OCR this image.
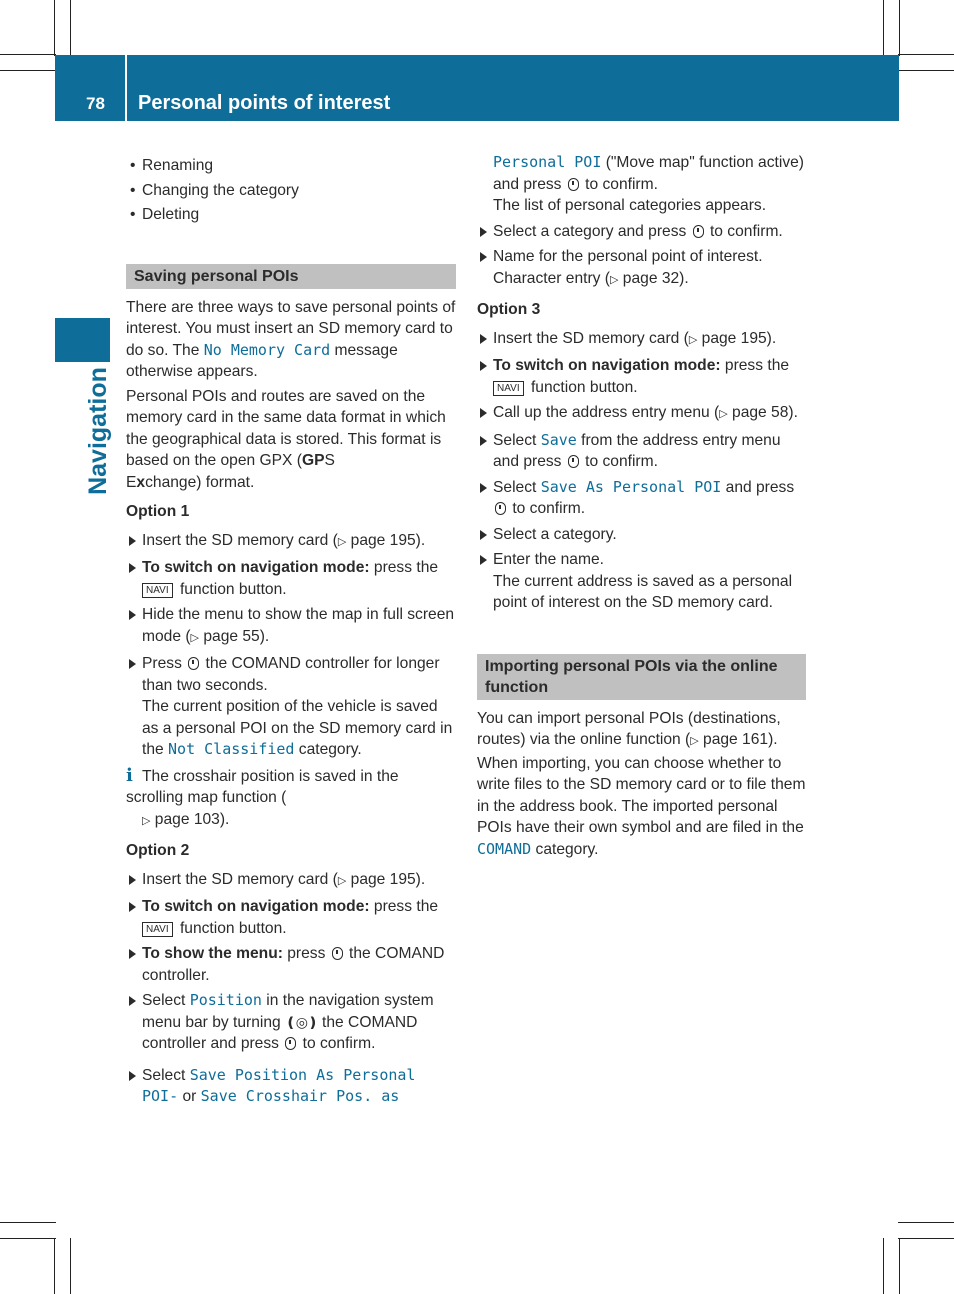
78 Personal points of interest
Navigation

• Renaming

• Changing the category

• Deleting

Saving personal POIs

There are three ways to save personal points of interest. You must insert an SD memory card to do so. The No Memory Card message otherwise appears.

Personal POIs and routes are saved on the memory card in the same data format in which the geographical data is stored. This format is based on the open GPX (GPS
Exchange) format.

Option 1

Insert the SD memory card (▷ page 195).

To switch on navigation mode: press the
NAVI function button.

Hide the menu to show the map in full screen mode (▷ page 55).

Press  the COMAND controller for longer than two seconds.

The current position of the vehicle is saved as a personal POI on the SD memory card in the Not Classified category.

i The crosshair position is saved in the scrolling map function (
▷ page 103).

Option 2

Insert the SD memory card (▷ page 195).

To switch on navigation mode: press the
NAVI function button.

To show the menu: press  the COMAND controller.

Select Position in the navigation system menu bar by turning ❪◎❫ the COMAND controller and press  to confirm.

Select Save Position As Personal POI- or Save Crosshair Pos. as

Personal POI ("Move map" function active) and press  to confirm.

The list of personal categories appears.

Select a category and press  to confirm.

Name for the personal point of interest.
Character entry (▷ page 32).

Option 3

Insert the SD memory card (▷ page 195).

To switch on navigation mode: press the
NAVI function button.

Call up the address entry menu (▷ page 58).

Select Save from the address entry menu and press  to confirm.

Select Save As Personal POI and press  to confirm.

Select a category.

Enter the name.

The current address is saved as a personal point of interest on the SD memory card.

Importing personal POIs via the online function

You can import personal POIs (destinations, routes) via the online function (▷ page 161). When importing, you can choose whether to write files to the SD memory card or to file them in the address book. The imported personal POIs have their own symbol and are filed in the COMAND category.
